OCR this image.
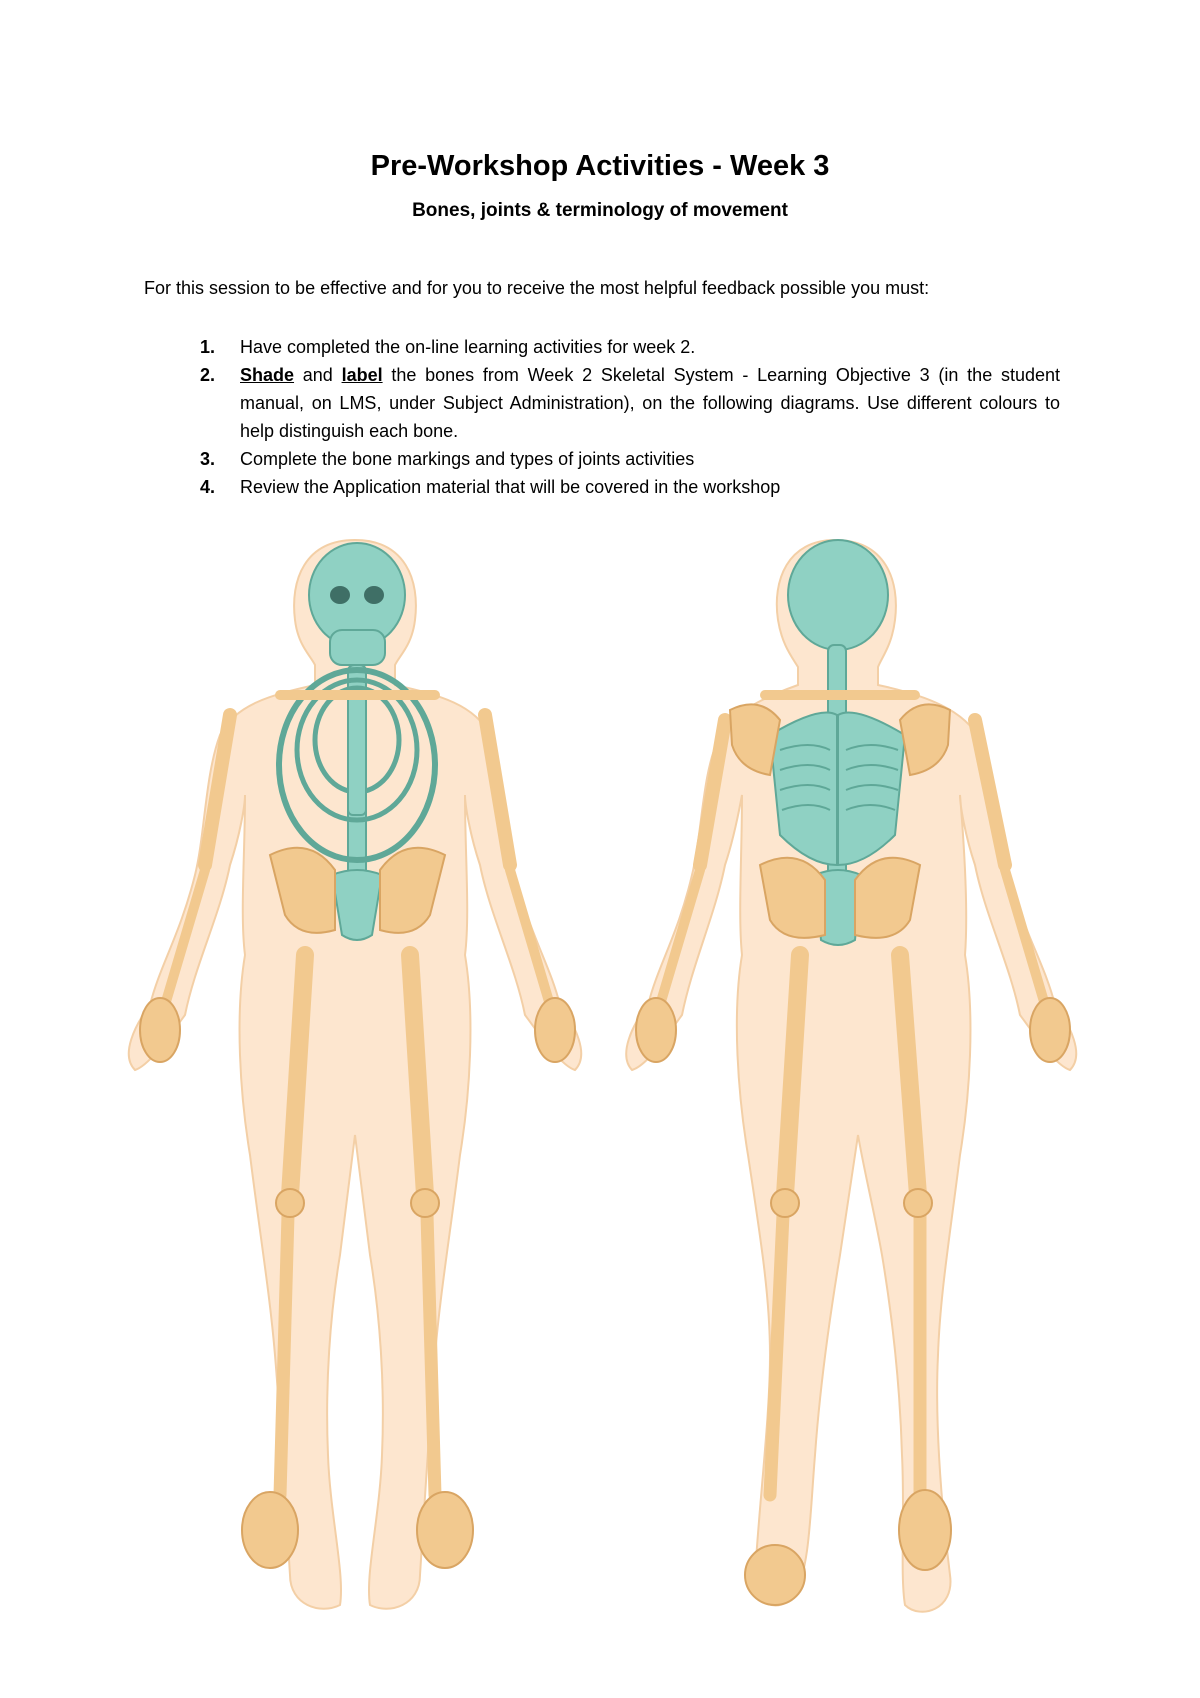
Pre-Workshop Activities - Week 3
Bones, joints & terminology of movement
For this session to be effective and for you to receive the most helpful feedback possible you must:
1. Have completed the on-line learning activities for week 2.
2. Shade and label the bones from Week 2 Skeletal System - Learning Objective 3 (in the student manual, on LMS, under Subject Administration), on the following diagrams. Use different colours to help distinguish each bone.
3. Complete the bone markings and types of joints activities
4. Review the Application material that will be covered in the workshop
